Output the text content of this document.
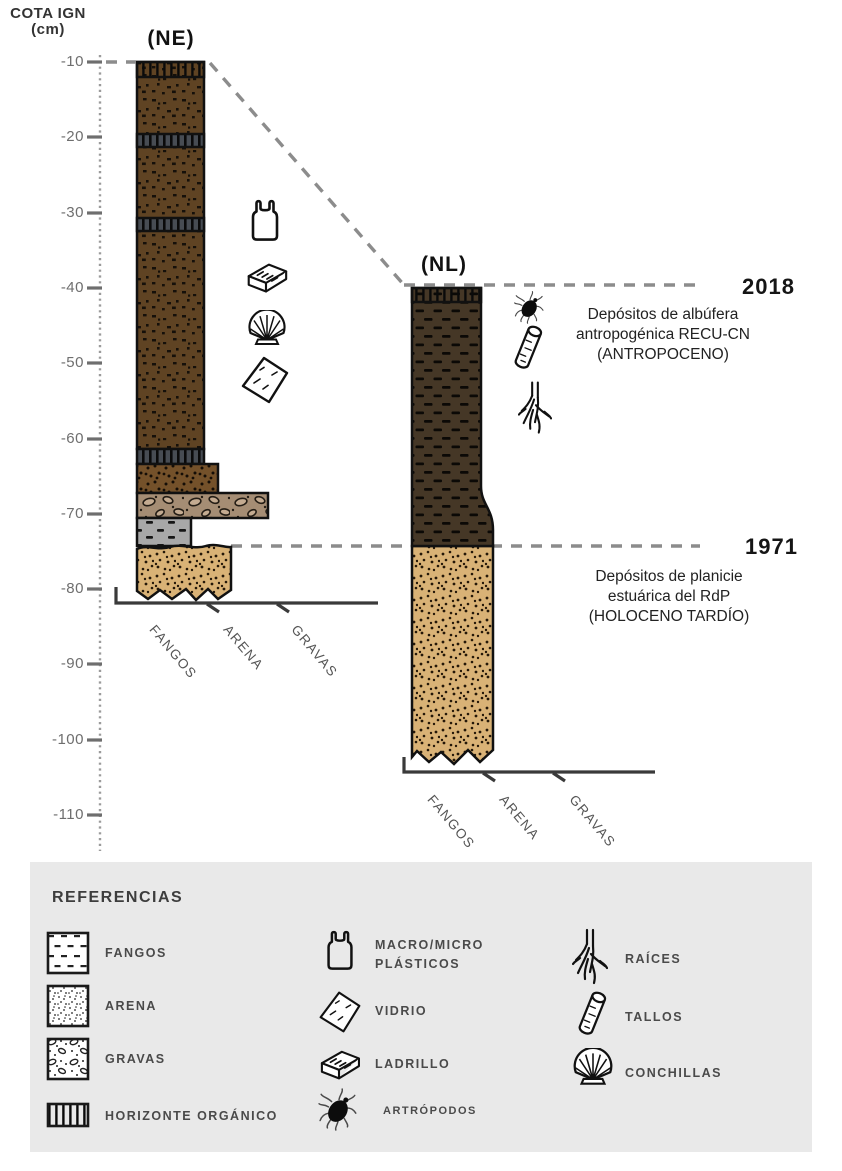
COTA IGN
(cm)
-10
-20
-30
-40
-50
-60
-70
-80
-90
-100
-110
(NE)
(NL)
2018
1971
Depósitos de albúfera
antropogénica RECU-CN
(ANTROPOCENO)
Depósitos de planicie
estuárica del RdP
(HOLOCENO TARDÍO)
FANGOS ARENA GRAVAS
FANGOS ARENA GRAVAS
REFERENCIAS
FANGOS
ARENA
GRAVAS
HORIZONTE ORGÁNICO
MACRO/MICRO PLÁSTICOS
VIDRIO
LADRILLO
ARTRÓPODOS
RAÍCES
TALLOS
CONCHILLAS
